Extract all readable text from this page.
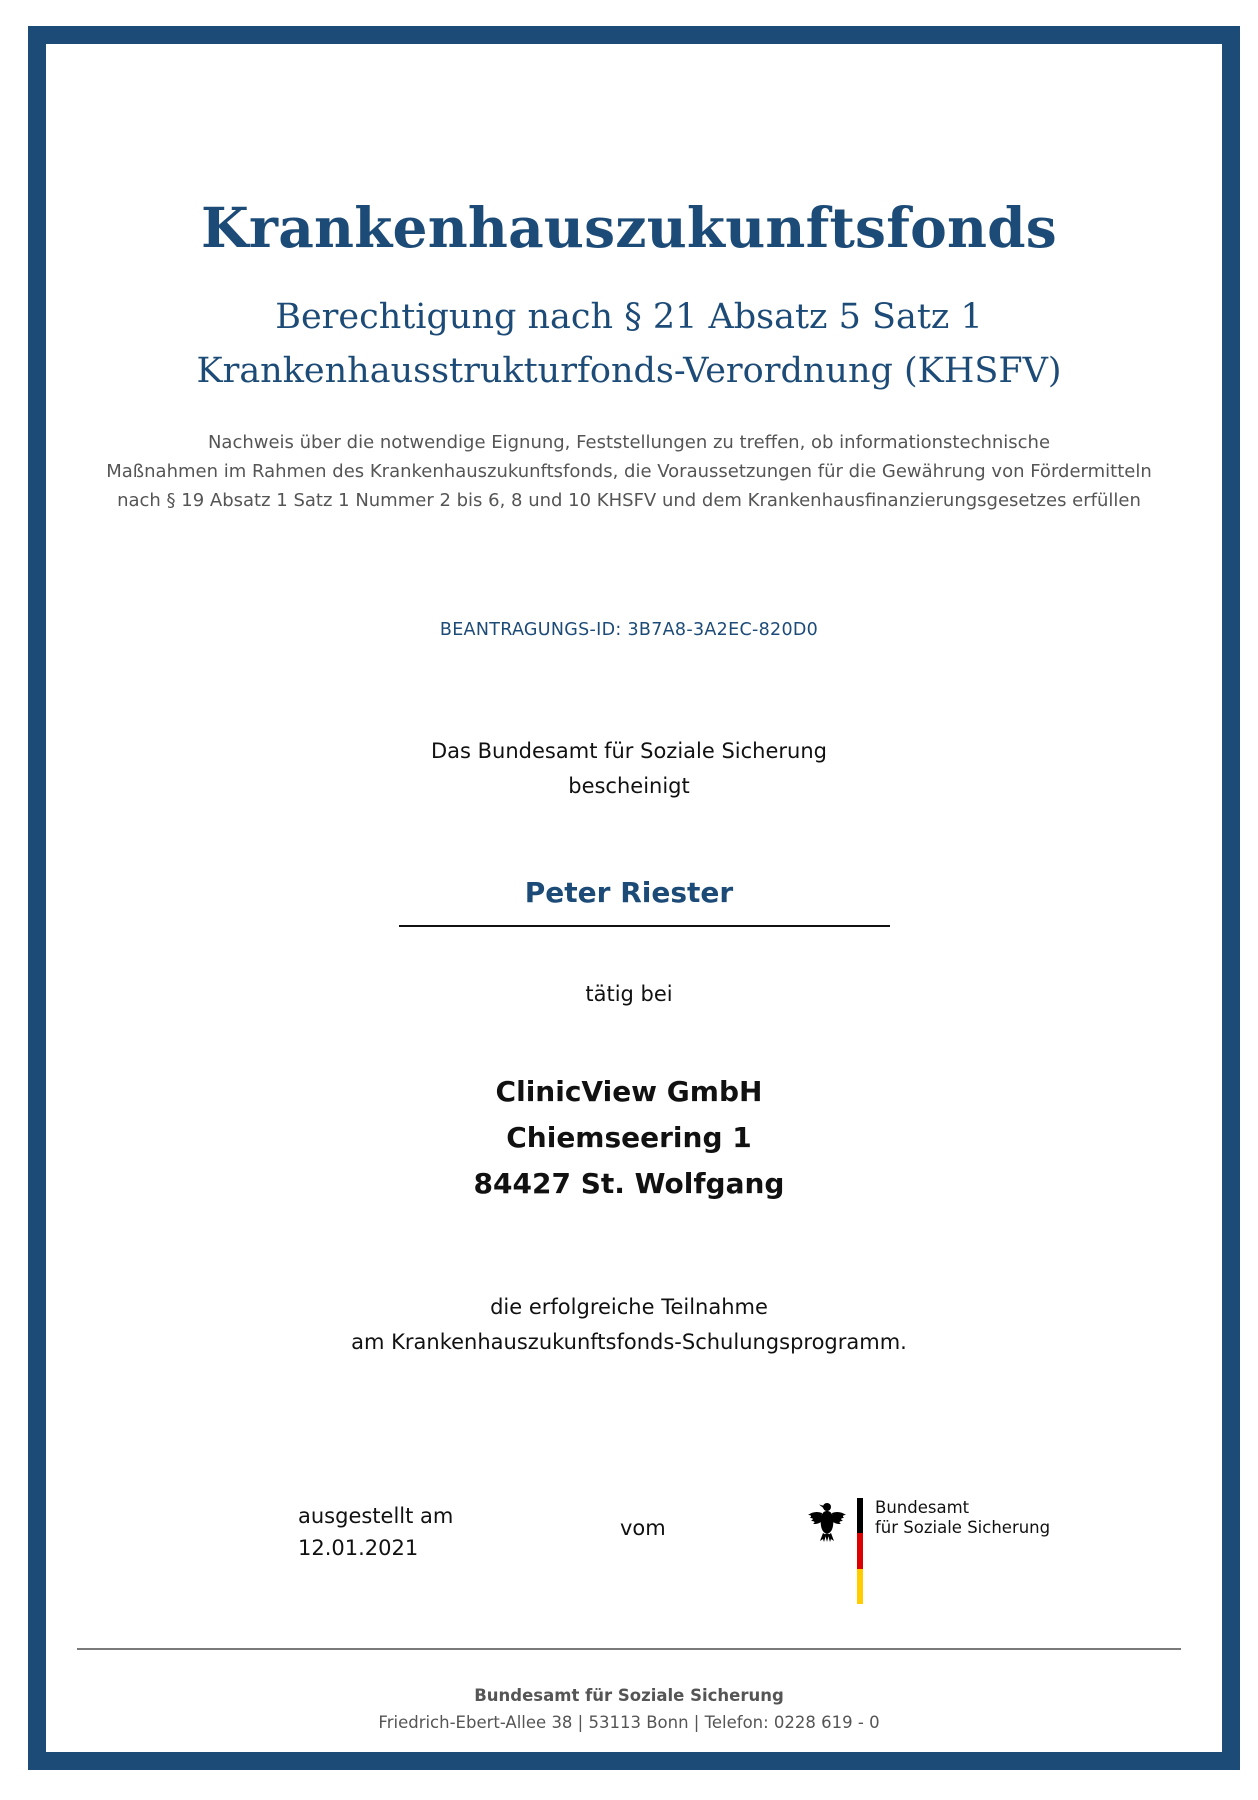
Krankenhauszukunftsfonds
Berechtigung nach § 21 Absatz 5 Satz 1
Krankenhausstrukturfonds-Verordnung (KHSFV)
Nachweis über die notwendige Eignung, Feststellungen zu treffen, ob informationstechnische
Maßnahmen im Rahmen des Krankenhauszukunftsfonds, die Voraussetzungen für die Gewährung von Fördermitteln
nach § 19 Absatz 1 Satz 1 Nummer 2 bis 6, 8 und 10 KHSFV und dem Krankenhausfinanzierungsgesetzes erfüllen
BEANTRAGUNGS-ID: 3B7A8-3A2EC-820D0
Das Bundesamt für Soziale Sicherung
bescheinigt
Peter Riester
tätig bei
ClinicView GmbH
Chiemseering 1
84427 St. Wolfgang
die erfolgreiche Teilnahme
am Krankenhauszukunftsfonds-Schulungsprogramm.
ausgestellt am
12.01.2021
vom
Bundesamt
für Soziale Sicherung
Bundesamt für Soziale Sicherung
Friedrich-Ebert-Allee 38 | 53113 Bonn | Telefon: 0228 619 - 0
